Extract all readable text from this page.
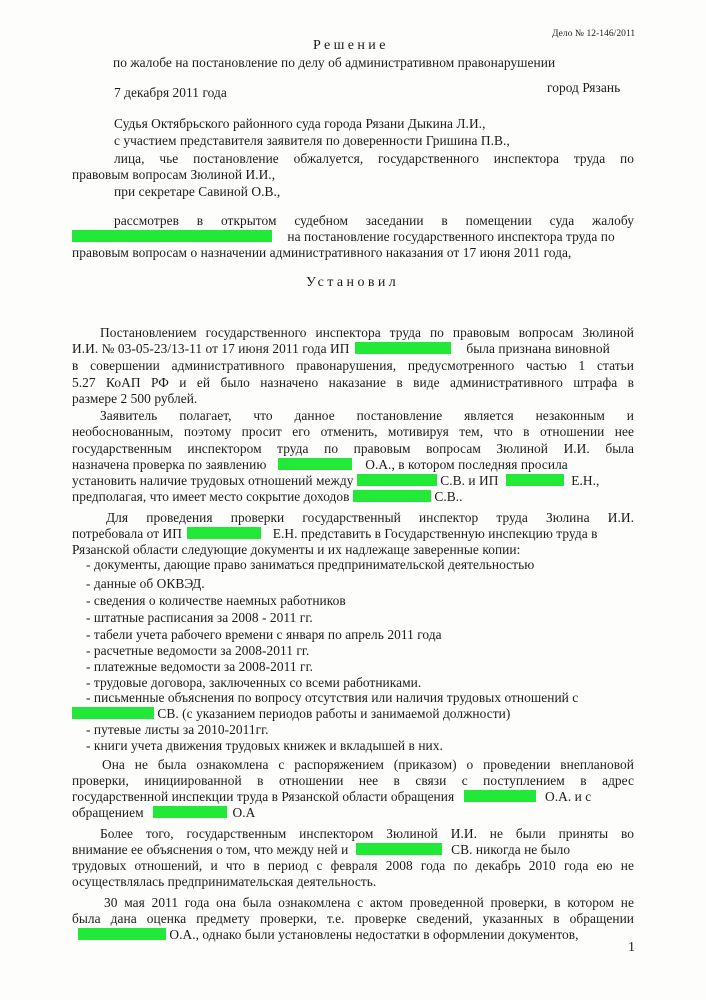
Дело № 12-146/2011
Решение
по жалобе на постановление по делу об административном правонарушении
7 декабря 2011 года	город Рязань
Судья Октябрьского районного суда города Рязани Дыкина Л.И.,
с участием представителя заявителя по доверенности Гришина П.В.,
лица, чье постановление обжалуется, государственного инспектора труда по
правовым вопросам Зюлиной И.И.,
при секретаре Савиной О.В.,
рассмотрев в открытом судебном заседании в помещении суда жалобу
на постановление государственного инспектора труда по
правовым вопросам о назначении административного наказания от 17 июня 2011 года,
Установил
Постановлением государственного инспектора труда по правовым вопросам Зюлиной
И.И. № 03-05-23/13-11 от 17 июня 2011 года ИП	была признана виновной
в совершении административного правонарушения, предусмотренного частью 1 статьи
5.27 КоАП РФ и ей было назначено наказание в виде административного штрафа в
размере 2 500 рублей.
Заявитель полагает, что данное постановление является незаконным и
необоснованным, поэтому просит его отменить, мотивируя тем, что в отношении нее
государственным инспектором труда по правовым вопросам Зюлиной И.И. была
назначена проверка по заявлению	О.А., в котором последняя просила
установить наличие трудовых отношений между	С.В. и ИП	Е.Н.,
предполагая, что имеет место сокрытие доходов	С.В..
Для проведения проверки государственный инспектор труда Зюлина И.И.
потребовала от ИП	Е.Н. представить в Государственную инспекцию труда в
Рязанской области следующие документы и их надлежаще заверенные копии:
- документы, дающие право заниматься предпринимательской деятельностью
- данные об ОКВЭД.
- сведения о количестве наемных работников
- штатные расписания за 2008 - 2011 гг.
- табели учета рабочего времени с января по апрель 2011 года
- расчетные ведомости за 2008-2011 гг.
- платежные ведомости за 2008-2011 гг.
- трудовые договора, заключенных со всеми работниками.
- письменные объяснения по вопросу отсутствия или наличия трудовых отношений с
СВ. (с указанием периодов работы и занимаемой должности)
- путевые листы за 2010-2011гг.
- книги учета движения трудовых книжек и вкладышей в них.
Она не была ознакомлена с распоряжением (приказом) о проведении внеплановой
проверки, инициированной в отношении нее в связи с поступлением в адрес
государственной инспекции труда в Рязанской области обращения	О.А. и с
обращением	О.А
Более того, государственным инспектором Зюлиной И.И. не были приняты во
внимание ее объяснения о том, что между ней и	СВ. никогда не было
трудовых отношений, и что в период с февраля 2008 года по декабрь 2010 года ею не
осуществлялась предпринимательская деятельность.
30 мая 2011 года она была ознакомлена с актом проведенной проверки, в котором не
была дана оценка предмету проверки, т.е. проверке сведений, указанных в обращении
О.А., однако были установлены недостатки в оформлении документов,
1
